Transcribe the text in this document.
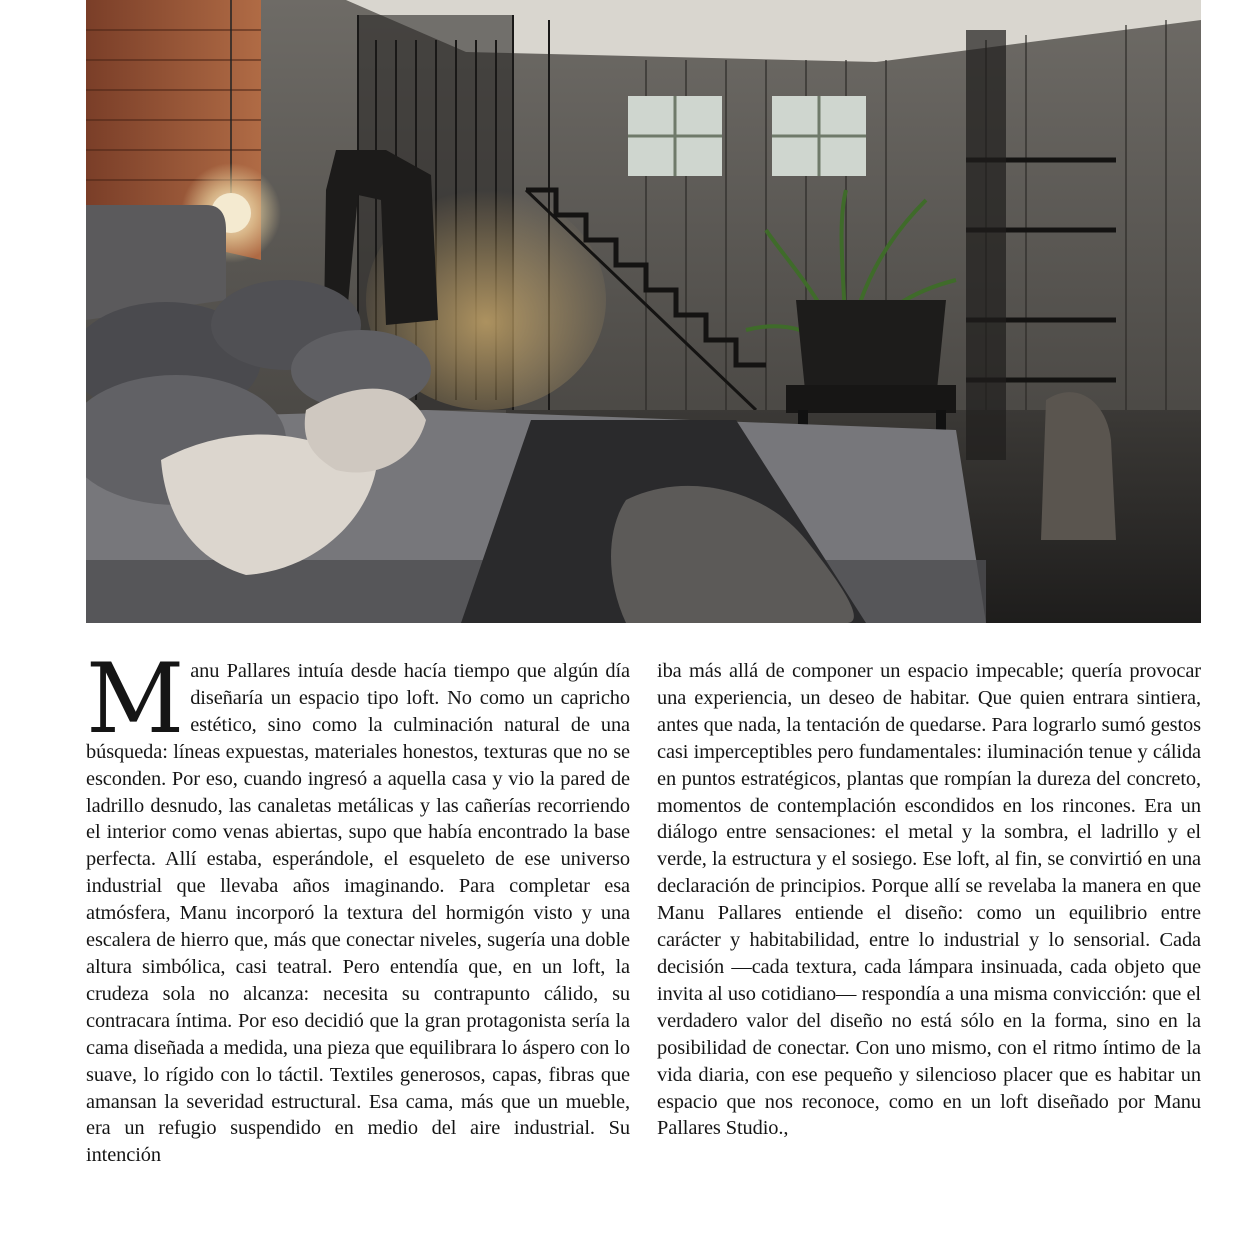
Manu Pallares intuía desde hacía tiempo que algún día diseñaría un espacio tipo loft. No como un capricho estético, sino como la culminación natural de una búsqueda: líneas expuestas, materiales honestos, texturas que no se esconden. Por eso, cuando ingresó a aquella casa y vio la pared de ladrillo desnudo, las canaletas metálicas y las cañerías recorriendo el interior como venas abiertas, supo que había encontrado la base perfecta. Allí estaba, esperándole, el esqueleto de ese universo industrial que llevaba años imaginando. Para completar esa atmósfera, Manu incorporó la textura del hormigón visto y una escalera de hierro que, más que conectar niveles, sugería una doble altura simbólica, casi teatral. Pero entendía que, en un loft, la crudeza sola no alcanza: necesita su contrapunto cálido, su contracara íntima. Por eso decidió que la gran protagonista sería la cama diseñada a medida, una pieza que equilibrara lo áspero con lo suave, lo rígido con lo táctil. Textiles generosos, capas, fibras que amansan la severidad estructural. Esa cama, más que un mueble, era un refugio suspendido en medio del aire industrial. Su intención

iba más allá de componer un espacio impecable; quería provocar una experiencia, un deseo de habitar. Que quien entrara sintiera, antes que nada, la tentación de quedarse. Para lograrlo sumó gestos casi imperceptibles pero fundamentales: iluminación tenue y cálida en puntos estratégicos, plantas que rompían la dureza del concreto, momentos de contemplación escondidos en los rincones. Era un diálogo entre sensaciones: el metal y la sombra, el ladrillo y el verde, la estructura y el sosiego. Ese loft, al fin, se convirtió en una declaración de principios. Porque allí se revelaba la manera en que Manu Pallares entiende el diseño: como un equilibrio entre carácter y habitabilidad, entre lo industrial y lo sensorial. Cada decisión —cada textura, cada lámpara insinuada, cada objeto que invita al uso cotidiano— respondía a una misma convicción: que el verdadero valor del diseño no está sólo en la forma, sino en la posibilidad de conectar. Con uno mismo, con el ritmo íntimo de la vida diaria, con ese pequeño y silencioso placer que es habitar un espacio que nos reconoce, como en un loft diseñado por Manu Pallares Studio.,
